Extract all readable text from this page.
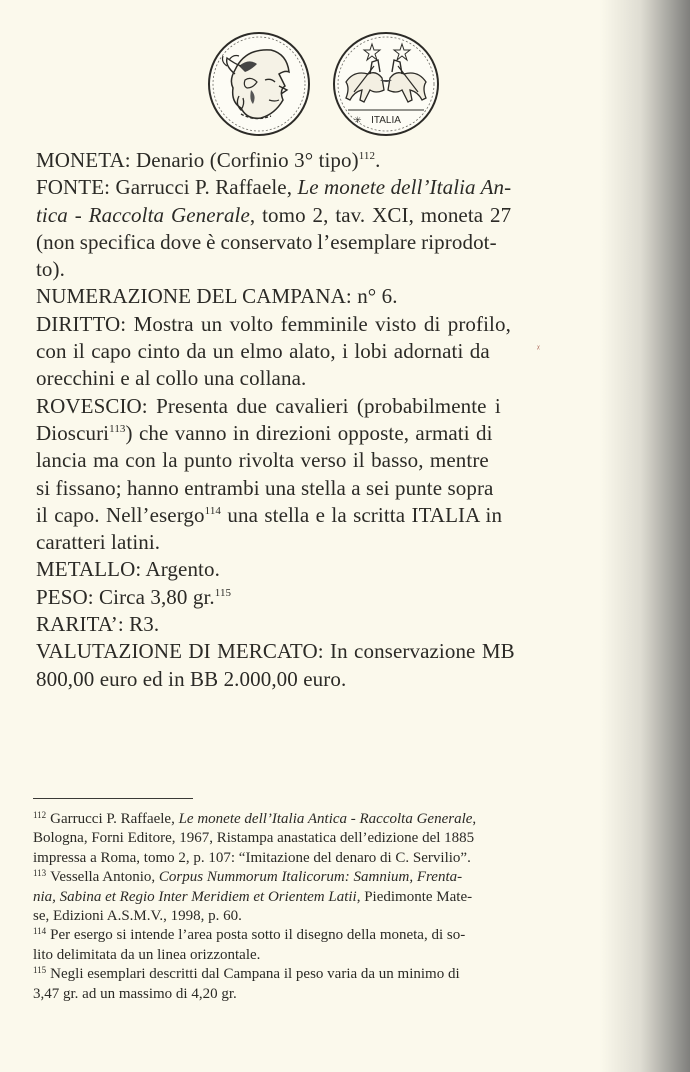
ITALIA
✳
MONETA: Denario (Corfinio 3° tipo)$^{112}$.
FONTE: Garrucci P. Raffaele, Le monete dell’Italia An-
tica - Raccolta Generale, tomo 2, tav. XCI, moneta 27
(non specifica dove è conservato l’esemplare riprodot-
to).
NUMERAZIONE DEL CAMPANA: n° 6.
DIRITTO: Mostra un volto femminile visto di profilo,
con il capo cinto da un elmo alato, i lobi adornati da
orecchini e al collo una collana.
ROVESCIO: Presenta due cavalieri (probabilmente i
Dioscuri$^{113}$) che vanno in direzioni opposte, armati di
lancia ma con la punto rivolta verso il basso, mentre
si fissano; hanno entrambi una stella a sei punte sopra
il capo. Nell’esergo$^{114}$ una stella e la scritta ITALIA in
caratteri latini.
METALLO: Argento.
PESO: Circa 3,80 gr.$^{115}$
RARITA’: R3.
VALUTAZIONE DI MERCATO: In conservazione MB
800,00 euro ed in BB 2.000,00 euro.
ᵡ
$^{112}$ Garrucci P. Raffaele, Le monete dell’Italia Antica - Raccolta Generale,
Bologna, Forni Editore, 1967, Ristampa anastatica dell’edizione del 1885
impressa a Roma, tomo 2, p. 107: “Imitazione del denaro di C. Servilio”.
$^{113}$ Vessella Antonio, Corpus Nummorum Italicorum: Samnium, Frenta-
nia, Sabina et Regio Inter Meridiem et Orientem Latii, Piedimonte Mate-
se, Edizioni A.S.M.V., 1998, p. 60.
$^{114}$ Per esergo si intende l’area posta sotto il disegno della moneta, di so-
lito delimitata da un linea orizzontale.
$^{115}$ Negli esemplari descritti dal Campana il peso varia da un minimo di
3,47 gr. ad un massimo di 4,20 gr.
